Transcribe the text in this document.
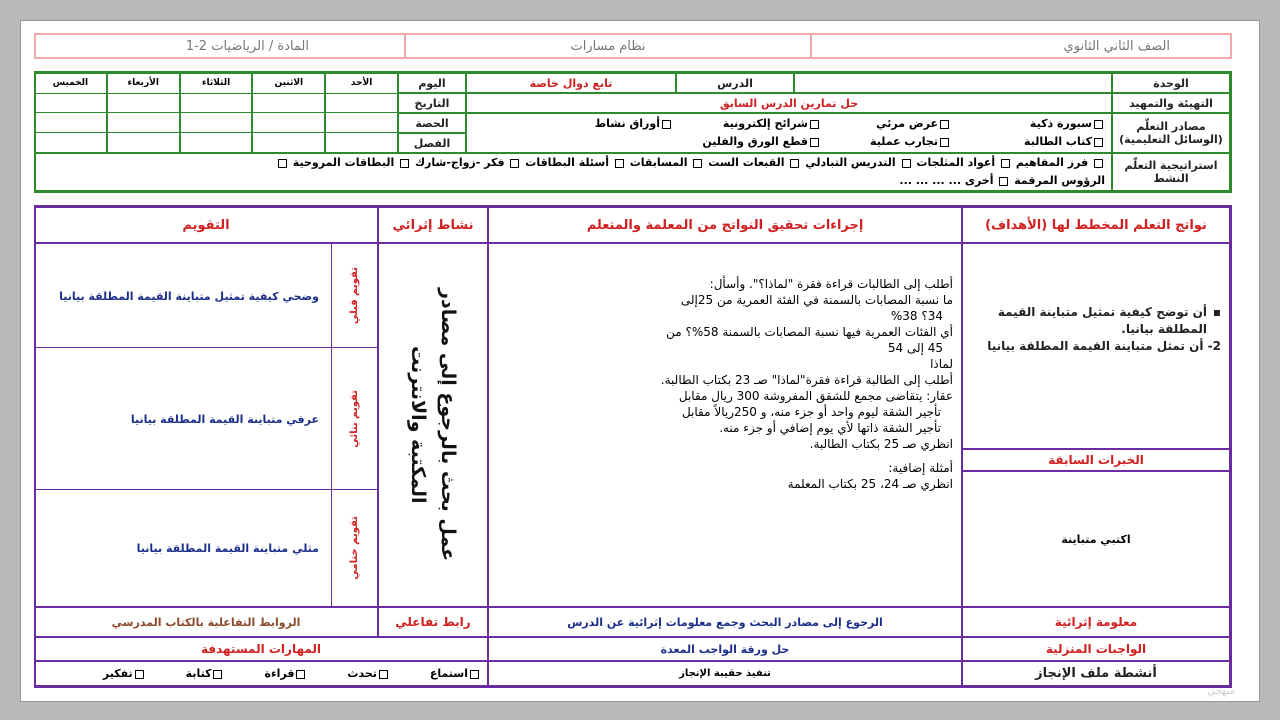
الصف الثاني الثانوي
نظام مسارات
المادة / الرياضيات 2-1
الوحدة
التهيئة والتمهيد
مصادر التعلّم (الوسائل التعليمية)
استراتيجية التعلّم النشط
الدرس
تابع دوال خاصة
اليوم
الأحد
الاثنين
الثلاثاء
الأربعاء
الخميس
حل تمارين الدرس السابق
التاريخ
الحصة
الفصل
سبورة ذكية
عرض مرئي
شرائح إلكترونية
أوراق نشاط
كتاب الطالبة
تجارب عملية
قطع الورق والفلين
فرز المفاهيم  أعواد المثلجات  التدريس التبادلي  القبعات الست  المسابقات  أسئلة البطاقات  فكر -زواج-شارك  البطاقات المروحية
الرؤوس المرقمة  أخرى ... ... ... ...
نواتج التعلم المخطط لها (الأهداف)
إجراءات تحقيق النواتج من المعلمة والمتعلم
نشاط إثرائي
التقويم
▪
أن توضح كيفية تمثيل متباينة القيمة المطلقة بيانيا.
2- أن تمثل متباينة القيمة المطلقة بيانيا
الخبرات السابقة
اكتبي متباينة

أطلب إلى الطالبات قراءة فقرة "لماذا؟". وأسأل:

ما نسبة المصابات بالسمنة في الفئة العمرية من 25إلى

34؟ 38%

أي الفئات العمرية فيها نسبة المصابات بالسمنة 58%؟ من

45 إلى 54

لماذا

أطلب إلى الطالبة قراءة فقرة"لماذا" صـ 23 بكتاب الطالبة.

عقار: يتقاضى مجمع للشقق المفروشة 300 ريال مقابل

تأجير الشقة ليوم واحد أو جزء منه، و 250ريالاً مقابل

تأجير الشقة ذاتها لأي يوم إضافي أو جزء منه.

انظري صـ 25 بكتاب الطالبة.

أمثلة إضافية:

انظري صـ 24، 25 بكتاب المعلمة

عمل بحث بالرجوع إلى مصادر المكتبة والانترنت
تقويم قبلي
وضحي كيفية تمثيل متباينة القيمة المطلقة بيانيا
تقويم بنائي
عرفي متباينة القيمة المطلقة بيانيا
تقويم ختامي
مثلي متباينة القيمة المطلقة بيانيا
معلومة إثرائية
الرجوع إلى مصادر البحث وجمع معلومات إثرائية عن الدرس
رابط تفاعلي
الروابط التفاعلية بالكتاب المدرسي
الواجبات المنزلية
حل ورقة الواجب المعدة
المهارات المستهدفة
أنشطة ملف الإنجاز
تنفيذ حقيبة الإنجاز
استماع
تحدث
قراءة
كتابة
تفكير
منهجي
